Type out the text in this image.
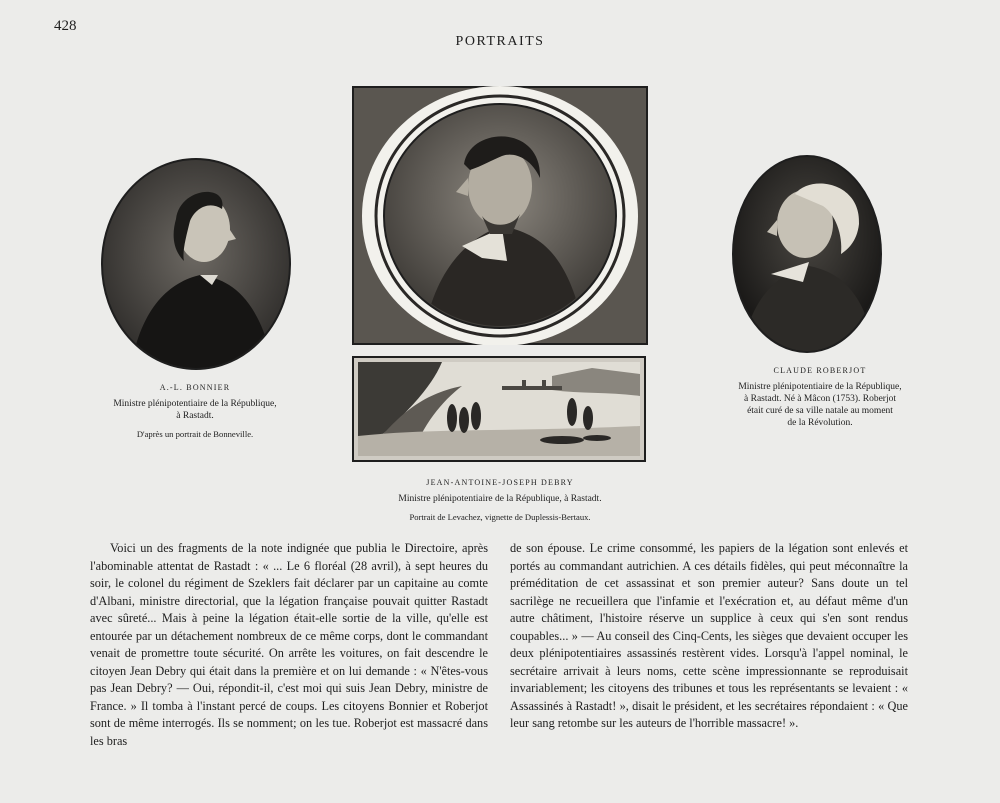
428
PORTRAITS
A.-L. BONNIER
Ministre plénipotentiaire de la République,
à Rastadt.
D'après un portrait de Bonneville.
JEAN-ANTOINE-JOSEPH DEBRY
Ministre plénipotentiaire de la République, à Rastadt.
Portrait de Levachez, vignette de Duplessis-Bertaux.
CLAUDE ROBERJOT
Ministre plénipotentiaire de la République,
à Rastadt. Né à Mâcon (1753). Roberjot
était curé de sa ville natale au moment
de la Révolution.

Voici un des fragments de la note indignée que publia le Directoire, après l'abominable attentat de Rastadt : « ... Le 6 floréal (28 avril), à sept heures du soir, le colonel du régiment de Szeklers fait déclarer par un capitaine au comte d'Albani, ministre directorial, que la légation française pouvait quitter Rastadt avec sûreté... Mais à peine la légation était-elle sortie de la ville, qu'elle est entourée par un détachement nombreux de ce même corps, dont le commandant venait de promettre toute sécurité. On arrête les voitures, on fait descendre le citoyen Jean Debry qui était dans la première et on lui demande : « N'êtes-vous pas Jean Debry? — Oui, répondit-il, c'est moi qui suis Jean Debry, ministre de France. » Il tomba à l'instant percé de coups. Les citoyens Bonnier et Roberjot sont de même interrogés. Ils se nomment; on les tue. Roberjot est massacré dans les bras

de son épouse. Le crime consommé, les papiers de la légation sont enlevés et portés au commandant autrichien. A ces détails fidèles, qui peut méconnaître la préméditation de cet assassinat et son premier auteur? Sans doute un tel sacrilège ne recueillera que l'infamie et l'exécration et, au défaut même d'un autre châtiment, l'histoire réserve un supplice à ceux qui s'en sont rendus coupables... » — Au conseil des Cinq-Cents, les sièges que devaient occuper les deux plénipotentiaires assassinés restèrent vides. Lorsqu'à l'appel nominal, le secrétaire arrivait à leurs noms, cette scène impressionnante se reproduisait invariablement; les citoyens des tribunes et tous les représentants se levaient : « Assassinés à Rastadt! », disait le président, et les secrétaires répondaient : « Que leur sang retombe sur les auteurs de l'horrible massacre! ».
